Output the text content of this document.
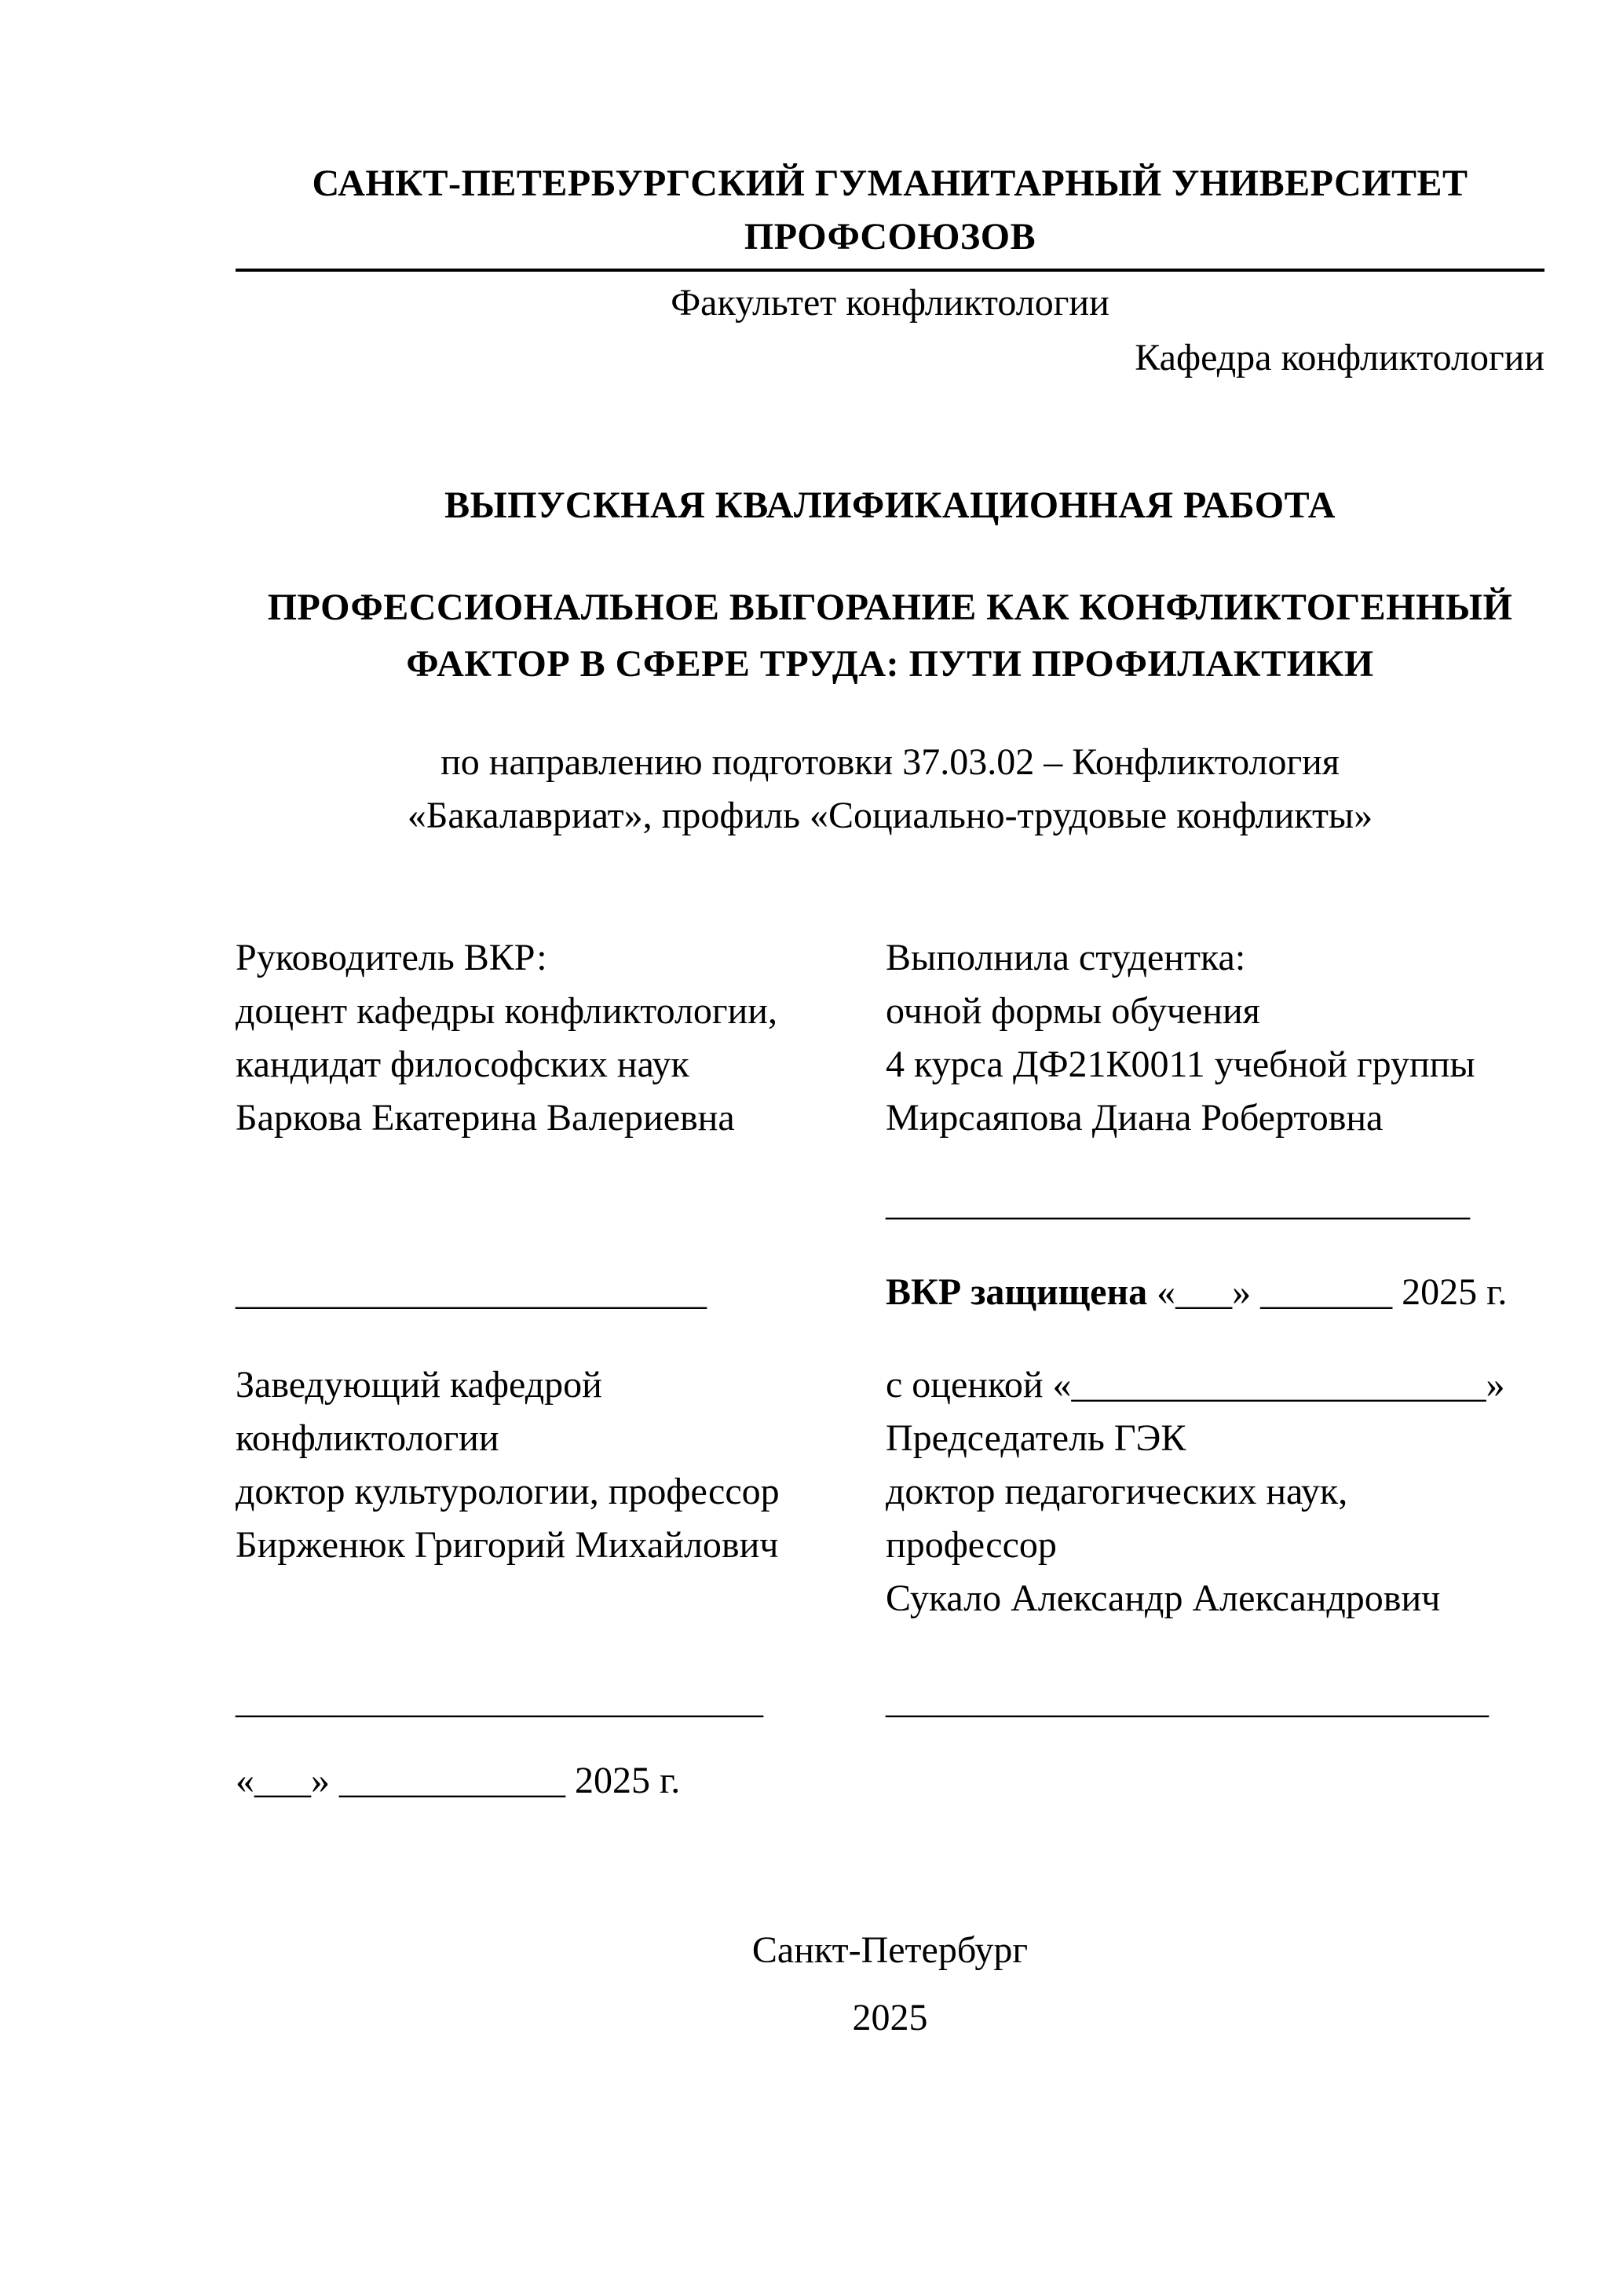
САНКТ-ПЕТЕРБУРГСКИЙ ГУМАНИТАРНЫЙ УНИВЕРСИТЕТ ПРОФСОЮЗОВ
Факультет конфликтологии
Кафедра конфликтологии
ВЫПУСКНАЯ КВАЛИФИКАЦИОННАЯ РАБОТА
ПРОФЕССИОНАЛЬНОЕ ВЫГОРАНИЕ КАК КОНФЛИКТОГЕННЫЙ
ФАКТОР В СФЕРЕ ТРУДА: ПУТИ ПРОФИЛАКТИКИ
по направлению подготовки 37.03.02 – Конфликтология
«Бакалавриат», профиль «Социально-трудовые конфликты»
Руководитель ВКР:
доцент кафедры конфликтологии,
кандидат философских наук
Баркова Екатерина Валериевна
Выполнила студентка:
очной формы обучения
4 курса ДФ21К0011 учебной группы
Мирсаяпова Диана Робертовна
_______________________________
_________________________	ВКР защищена «___» _______ 2025 г.
Заведующий кафедрой
конфликтологии
доктор культурологии, профессор
Бирженюк Григорий Михайлович
с оценкой «______________________»
Председатель ГЭК
доктор педагогических наук,
профессор
Сукало Александр Александрович
____________________________	________________________________
«___» ____________ 2025 г.
Санкт-Петербург
2025
